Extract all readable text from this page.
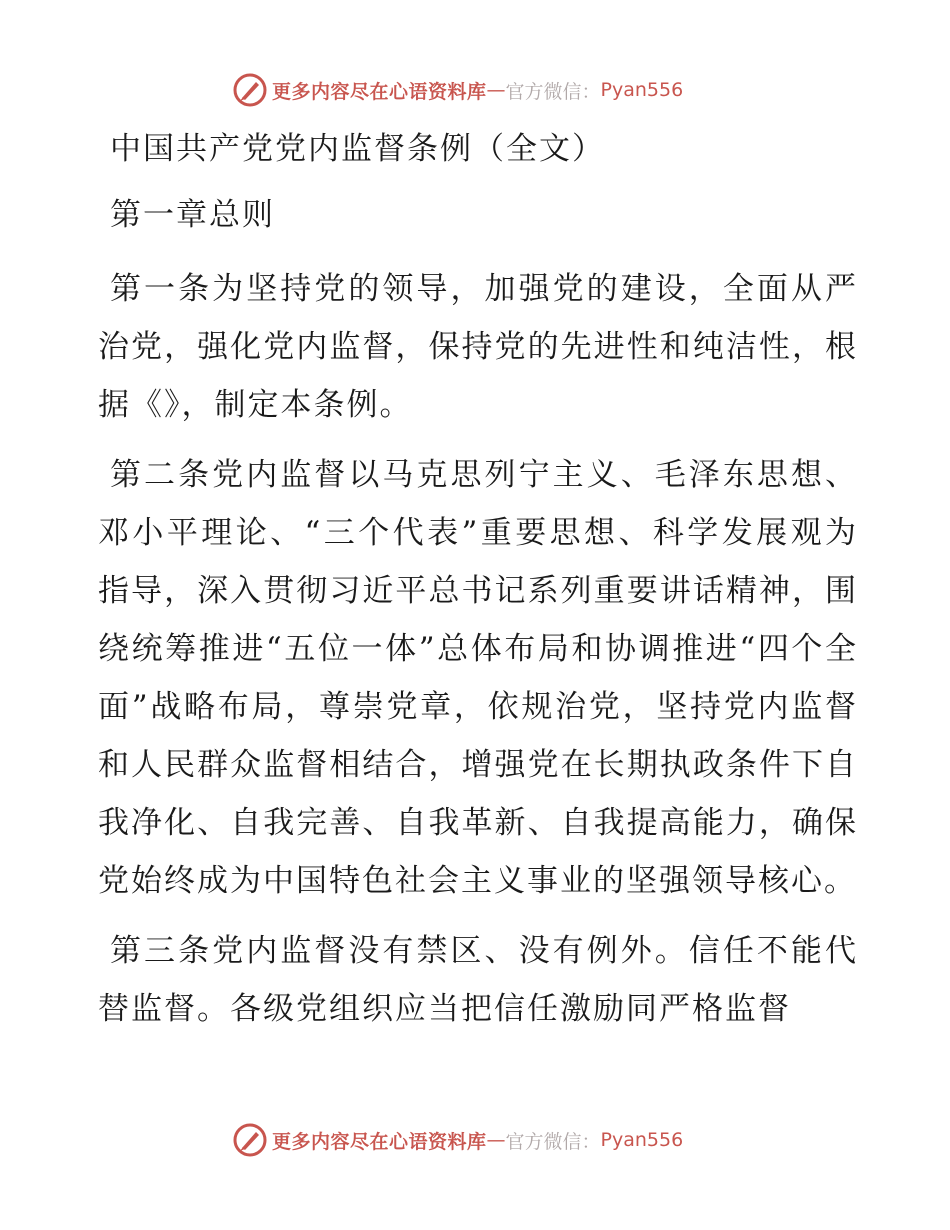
更多内容尽在心语资料库 — 官方微信： Pyan556
中国共产党党内监督条例（全文）
第一章总则

第一条为坚持党的领导，加强党的建设，全面从严治党，强化党内监督，保持党的先进性和纯洁性，根据《》，制定本条例。

第二条党内监督以马克思列宁主义、毛泽东思想、邓小平理论、“三个代表”重要思想、科学发展观为指导，深入贯彻习近平总书记系列重要讲话精神，围绕统筹推进“五位一体”总体布局和协调推进“四个全面”战略布局，尊崇党章，依规治党，坚持党内监督和人民群众监督相结合，增强党在长期执政条件下自我净化、自我完善、自我革新、自我提高能力，确保党始终成为中国特色社会主义事业的坚强领导核心。

第三条党内监督没有禁区、没有例外。信任不能代替监督。各级党组织应当把信任激励同严格监督

更多内容尽在心语资料库 — 官方微信： Pyan556
